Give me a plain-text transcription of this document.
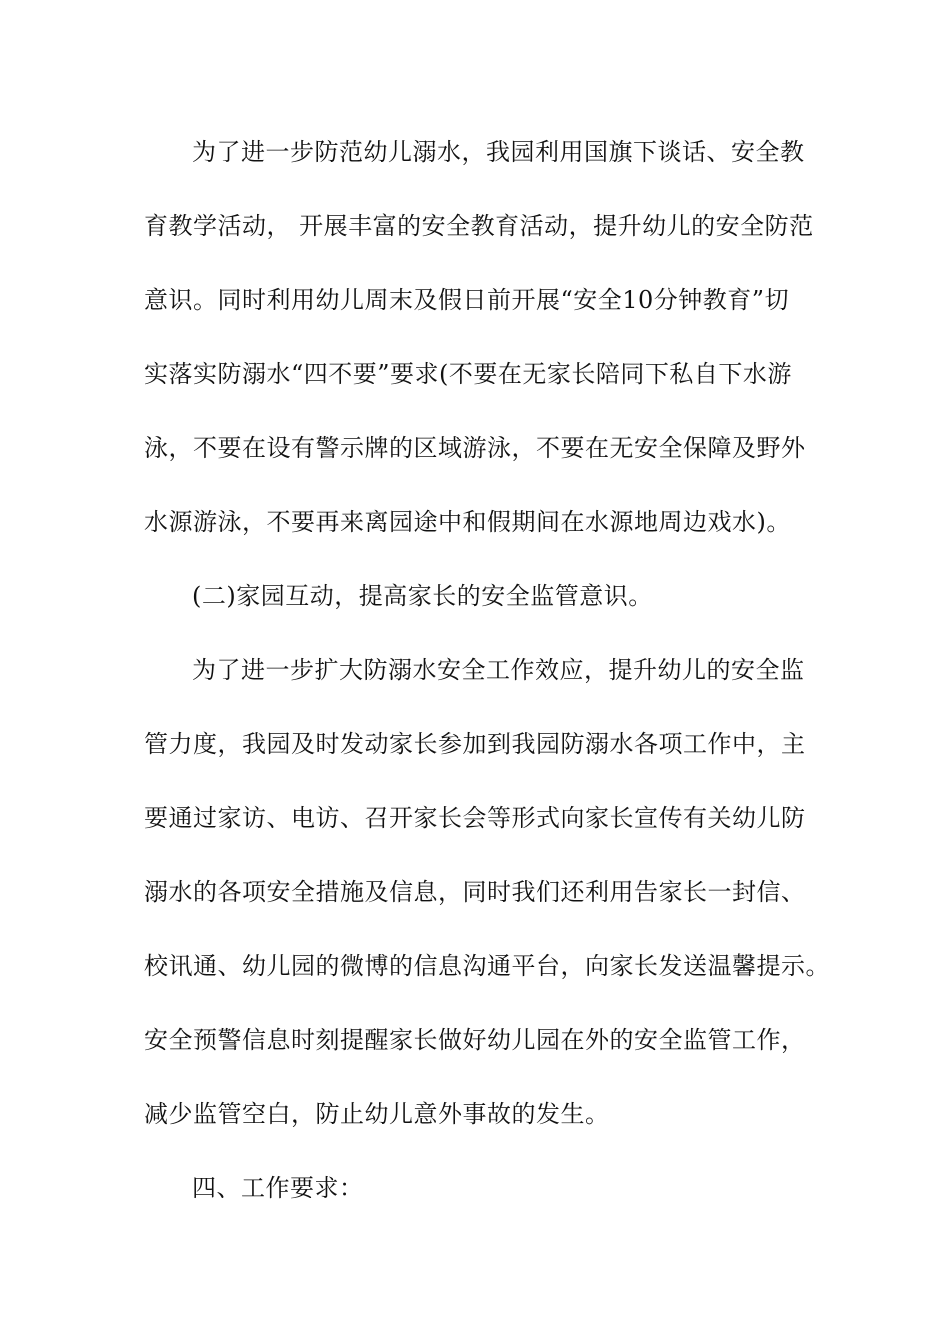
为了进一步防范幼儿溺水，我园利用国旗下谈话、安全教
育教学活动， 开展丰富的安全教育活动，提升幼儿的安全防范
意识。同时利用幼儿周末及假日前开展“安全10分钟教育”切
实落实防溺水“四不要”要求(不要在无家长陪同下私自下水游
泳，不要在设有警示牌的区域游泳，不要在无安全保障及野外
水源游泳，不要再来离园途中和假期间在水源地周边戏水)。
(二)家园互动，提高家长的安全监管意识。
为了进一步扩大防溺水安全工作效应，提升幼儿的安全监
管力度，我园及时发动家长参加到我园防溺水各项工作中，主
要通过家访、电访、召开家长会等形式向家长宣传有关幼儿防
溺水的各项安全措施及信息，同时我们还利用告家长一封信、
校讯通、幼儿园的微博的信息沟通平台，向家长发送温馨提示。
安全预警信息时刻提醒家长做好幼儿园在外的安全监管工作，
减少监管空白，防止幼儿意外事故的发生。
四、工作要求：
